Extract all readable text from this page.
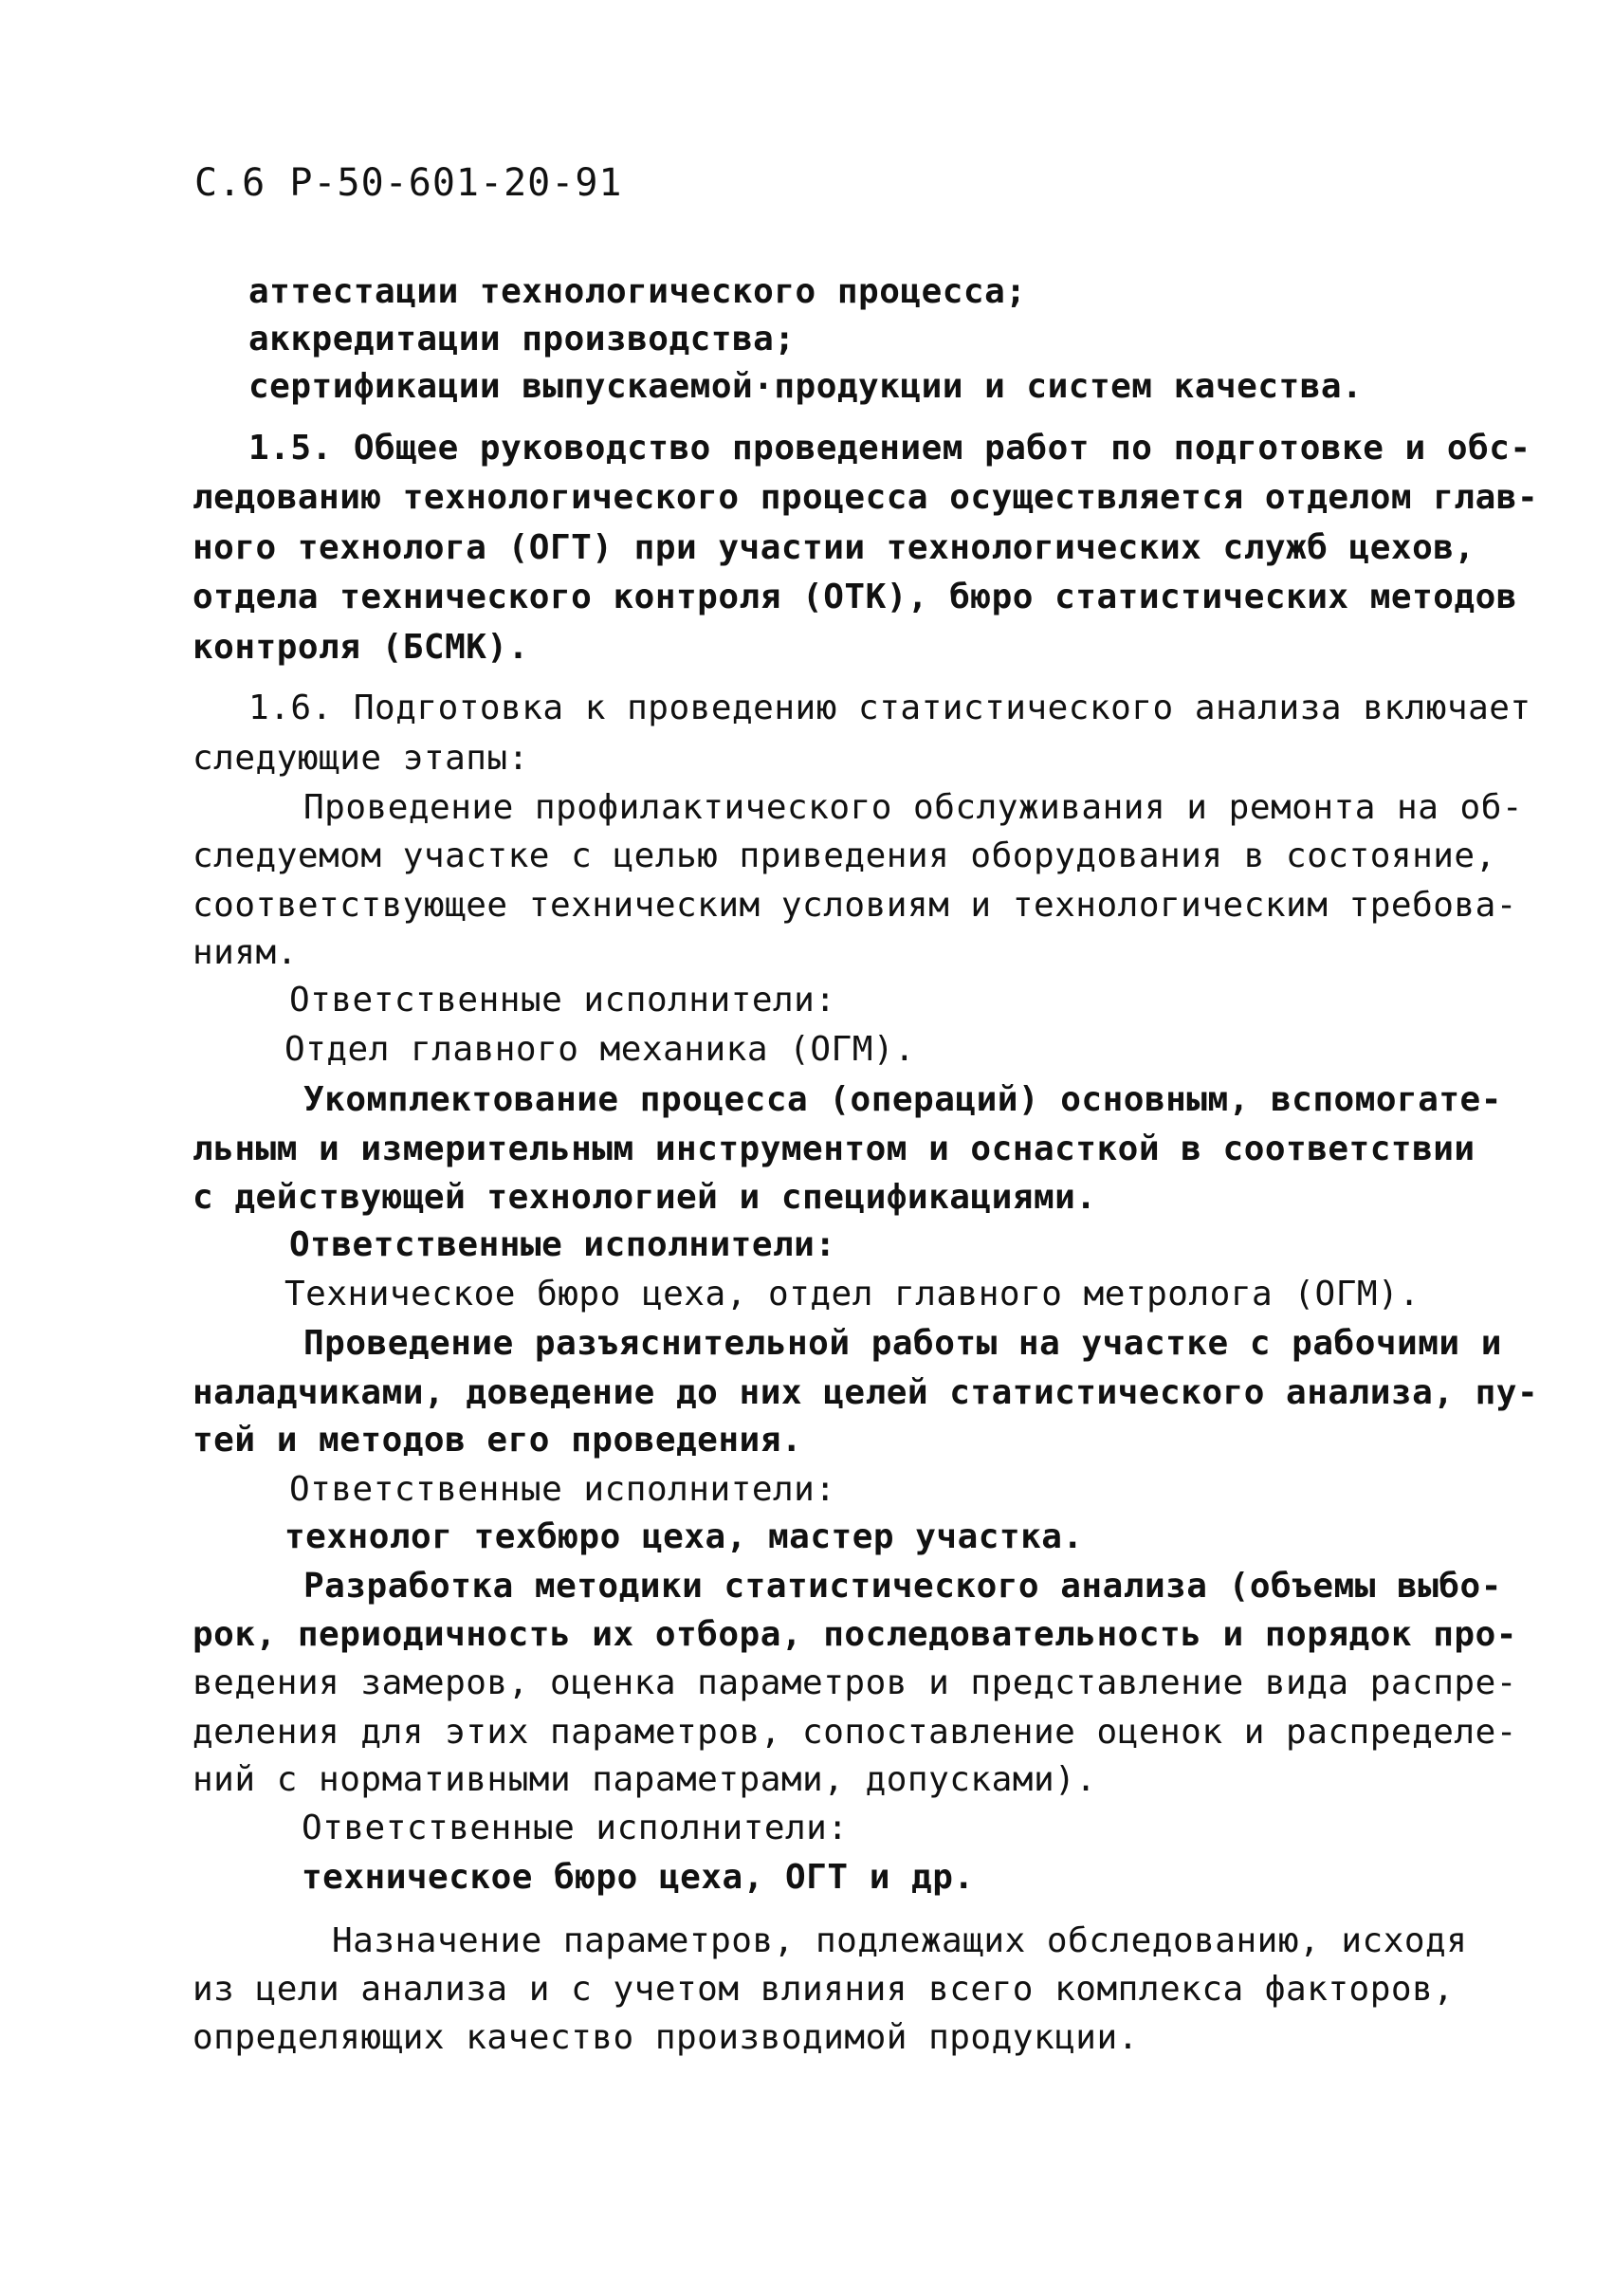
С.6 Р-50-601-20-91
аттестации технологического процесса;
аккредитации производства;
сертификации выпускаемой·продукции и систем качества.
1.5. Общее руководство проведением работ по подготовке и обс-
ледованию технологического процесса осуществляется отделом глав-
ного технолога (ОГТ) при участии технологических служб цехов,
отдела технического контроля (ОТК), бюро статистических методов
контроля (БСМК).
1.6. Подготовка к проведению статистического анализа включает
следующие этапы:
Проведение профилактического обслуживания и ремонта на об-
следуемом участке с целью приведения оборудования в состояние,
соответствующее техническим условиям и технологическим требова-
ниям.
Ответственные исполнители:
Отдел главного механика (ОГМ).
Укомплектование процесса (операций) основным, вспомогате-
льным и измерительным инструментом и оснасткой в соответствии
с действующей технологией и спецификациями.
Ответственные исполнители:
Техническое бюро цеха, отдел главного метролога (ОГМ).
Проведение разъяснительной работы на участке с рабочими и
наладчиками, доведение до них целей статистического анализа, пу-
тей и методов его проведения.
Ответственные исполнители:
технолог техбюро цеха, мастер участка.
Разработка методики статистического анализа (объемы выбо-
рок, периодичность их отбора, последовательность и порядок про-
ведения замеров, оценка параметров и представление вида распре-
деления для этих параметров, сопоставление оценок и распределе-
ний с нормативными параметрами, допусками).
Ответственные исполнители:
техническое бюро цеха, ОГТ и др.
Назначение параметров, подлежащих обследованию, исходя
из цели анализа и с учетом влияния всего комплекса факторов,
определяющих качество производимой продукции.
